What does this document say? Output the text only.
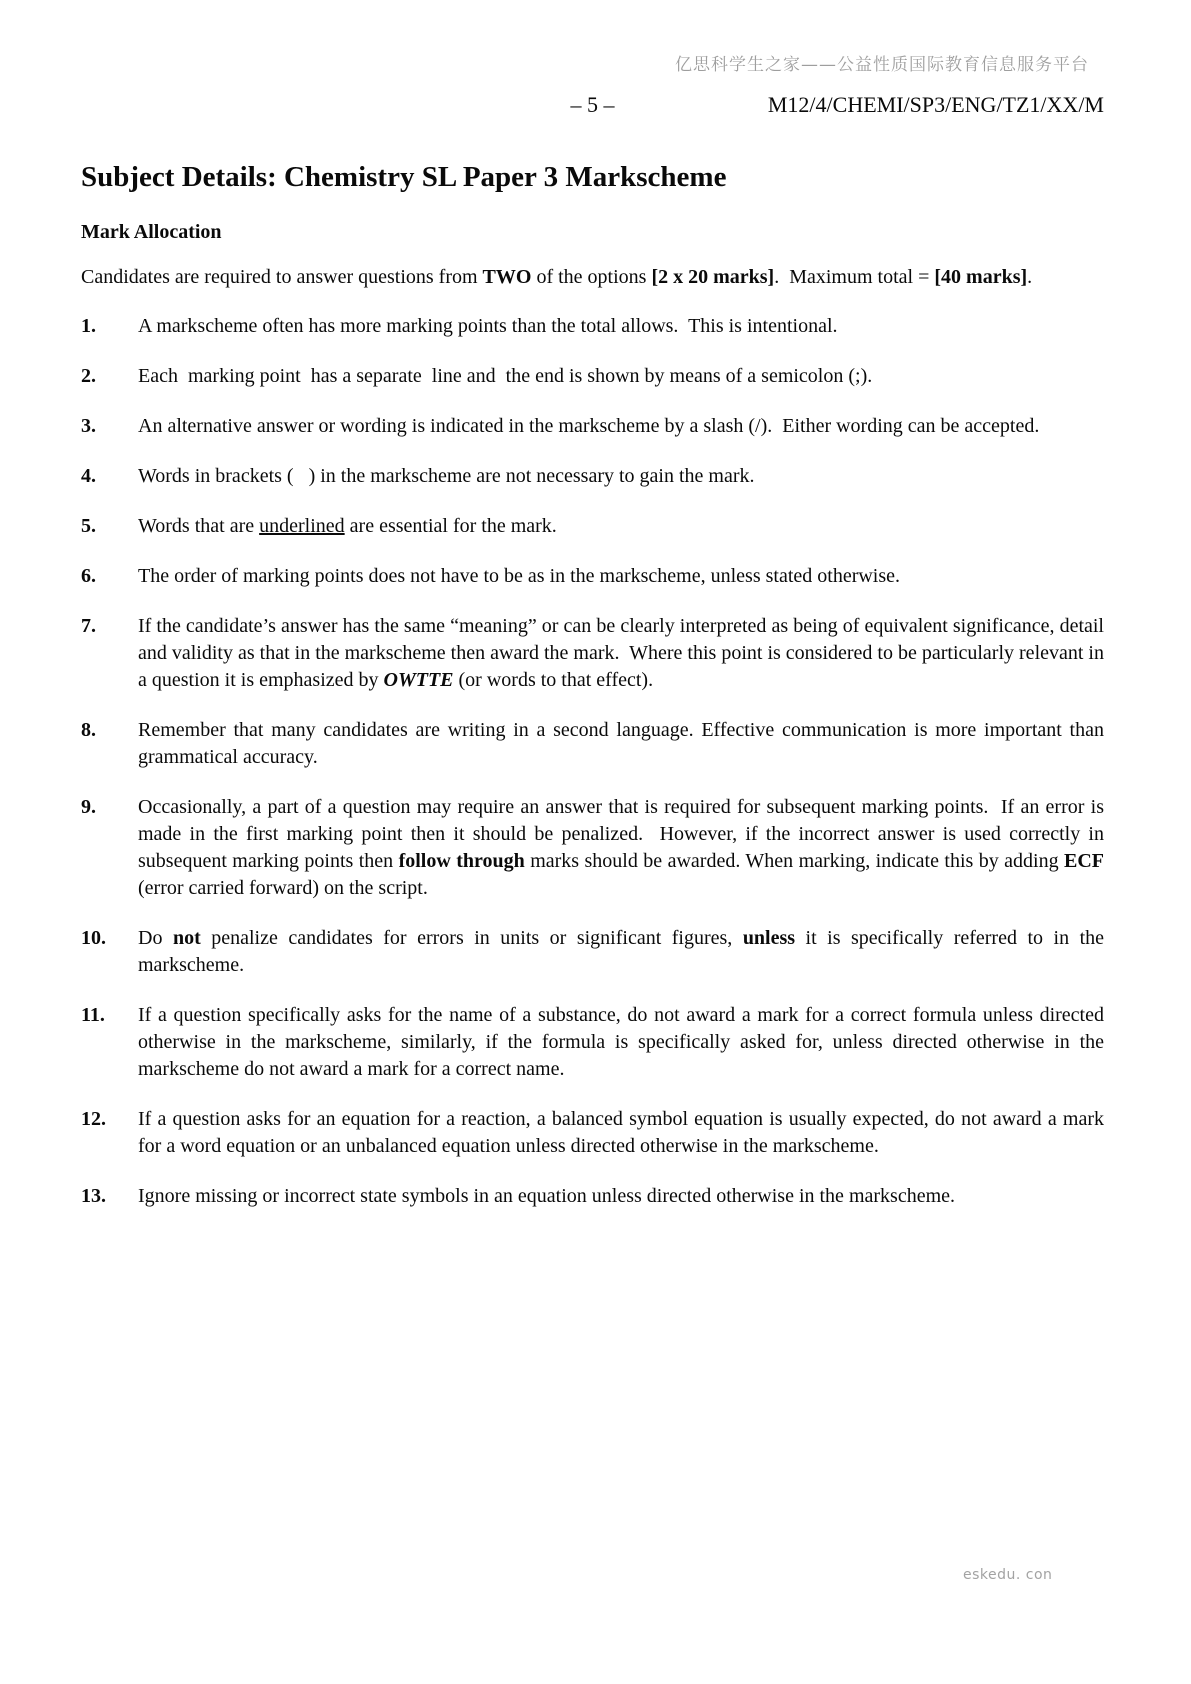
亿思科学生之家——公益性质国际教育信息服务平台
– 5 –	M12/4/CHEMI/SP3/ENG/TZ1/XX/M
Subject Details: Chemistry SL Paper 3 Markscheme
Mark Allocation

Candidates are required to answer questions from TWO of the options [2 x 20 marks].  Maximum total = [40 marks].

1.	A markscheme often has more marking points than the total allows.  This is intentional.

2.	Each  marking point  has a separate  line and  the end is shown by means of a semicolon (;).

3.	An alternative answer or wording is indicated in the markscheme by a slash (/).  Either wording can be accepted.

4.	Words in brackets (   ) in the markscheme are not necessary to gain the mark.

5.	Words that are underlined are essential for the mark.

6.	The order of marking points does not have to be as in the markscheme, unless stated otherwise.

7.	If the candidate’s answer has the same “meaning” or can be clearly interpreted as being of equivalent significance, detail and validity as that in the markscheme then award the mark.  Where this point is considered to be particularly relevant in a question it is emphasized by OWTTE (or words to that effect).

8.	Remember that many candidates are writing in a second language. Effective communication is more important than grammatical accuracy.

9.	Occasionally, a part of a question may require an answer that is required for subsequent marking points.  If an error is made in the first marking point then it should be penalized.  However, if the incorrect answer is used correctly in subsequent marking points then follow through marks should be awarded. When marking, indicate this by adding ECF (error carried forward) on the script.

10.	Do not penalize candidates for errors in units or significant figures, unless it is specifically referred to in the markscheme.

11.	If a question specifically asks for the name of a substance, do not award a mark for a correct formula unless directed otherwise in the markscheme, similarly, if the formula is specifically asked for, unless directed otherwise in the markscheme do not award a mark for a correct name.

12.	If a question asks for an equation for a reaction, a balanced symbol equation is usually expected, do not award a mark for a word equation or an unbalanced equation unless directed otherwise in the markscheme.

13.	Ignore missing or incorrect state symbols in an equation unless directed otherwise in the markscheme.

eskedu. con
